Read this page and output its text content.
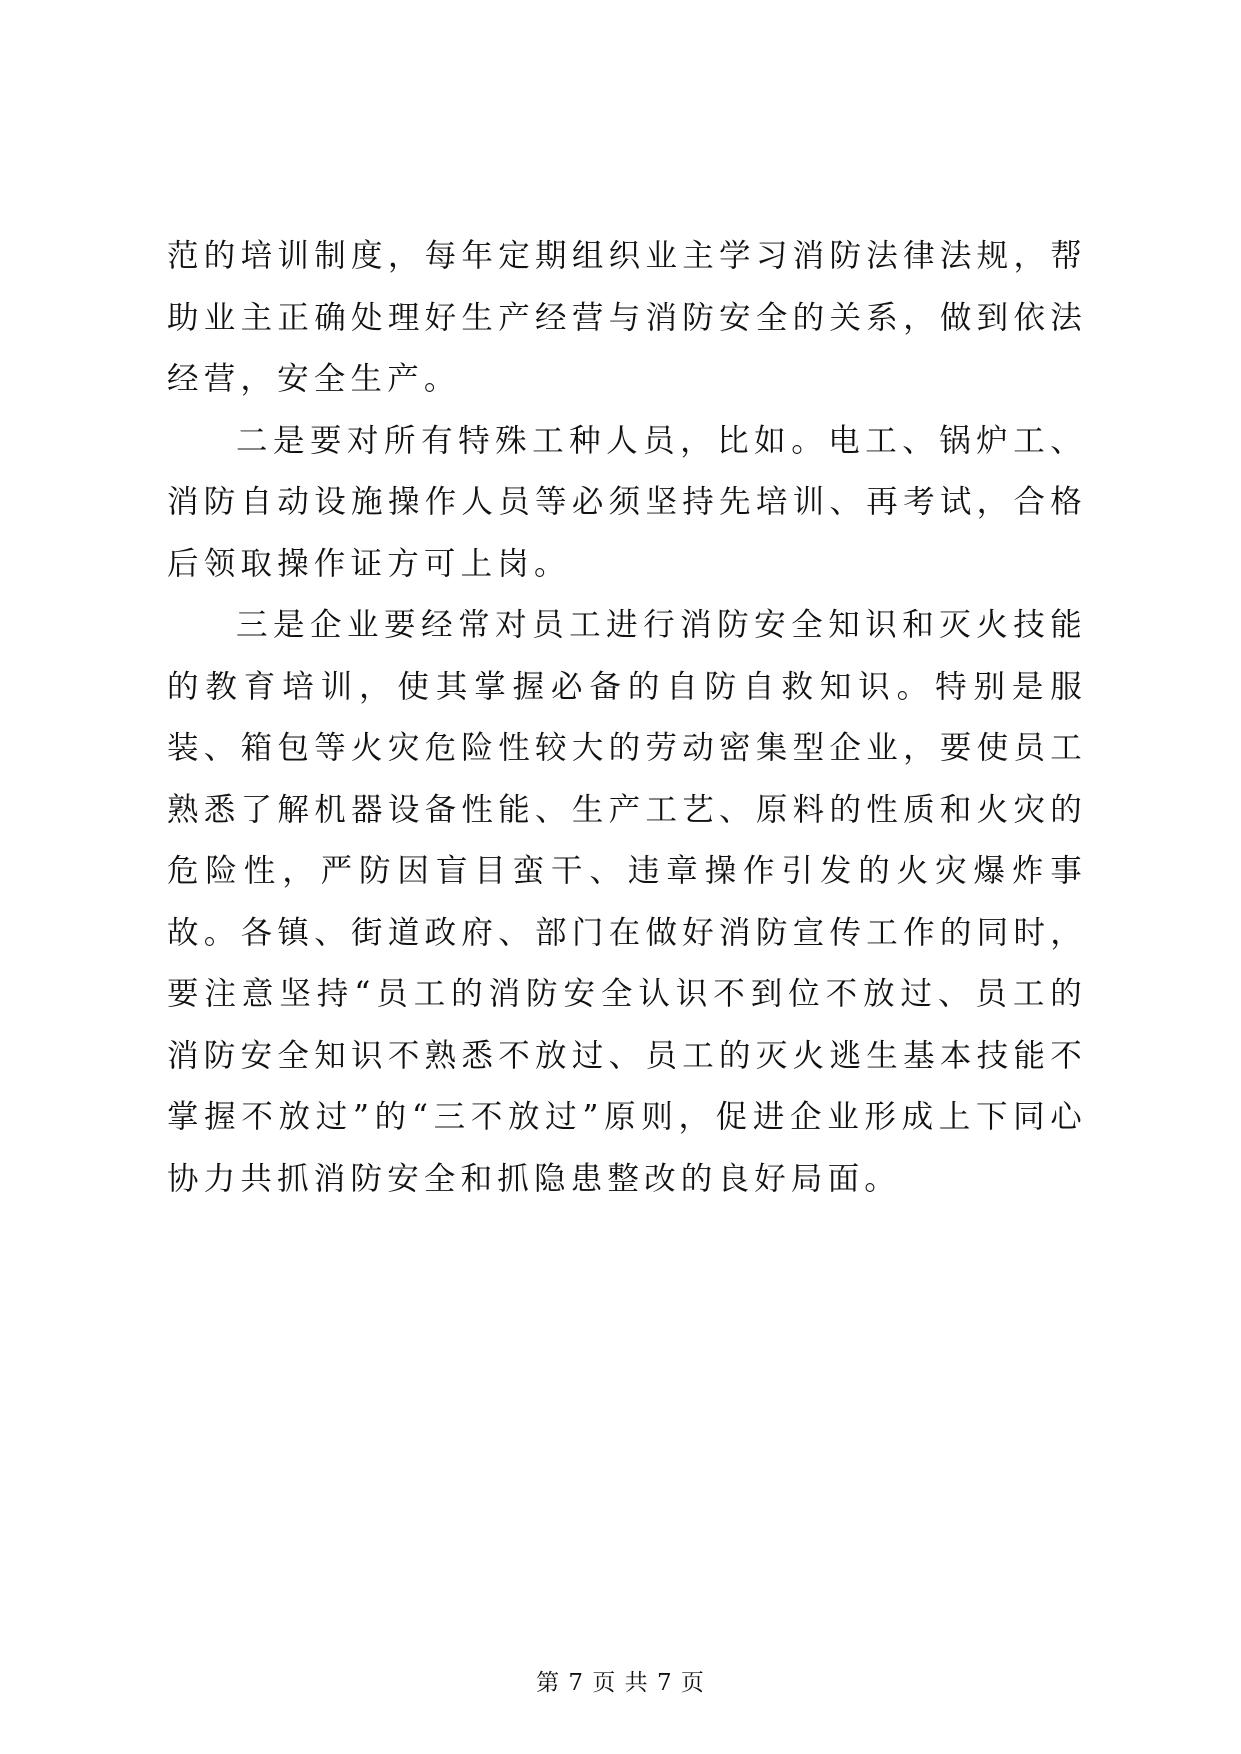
范的培训制度，每年定期组织业主学习消防法律法规，帮助业主正确处理好生产经营与消防安全的关系，做到依法经营，安全生产。

二是要对所有特殊工种人员，比如。电工、锅炉工、消防自动设施操作人员等必须坚持先培训、再考试，合格后领取操作证方可上岗。

三是企业要经常对员工进行消防安全知识和灭火技能的教育培训，使其掌握必备的自防自救知识。特别是服装、箱包等火灾危险性较大的劳动密集型企业，要使员工熟悉了解机器设备性能、生产工艺、原料的性质和火灾的危险性，严防因盲目蛮干、违章操作引发的火灾爆炸事故。各镇、街道政府、部门在做好消防宣传工作的同时，要注意坚持“员工的消防安全认识不到位不放过、员工的消防安全知识不熟悉不放过、员工的灭火逃生基本技能不掌握不放过”的“三不放过”原则，促进企业形成上下同心协力共抓消防安全和抓隐患整改的良好局面。

第 7 页 共 7 页
